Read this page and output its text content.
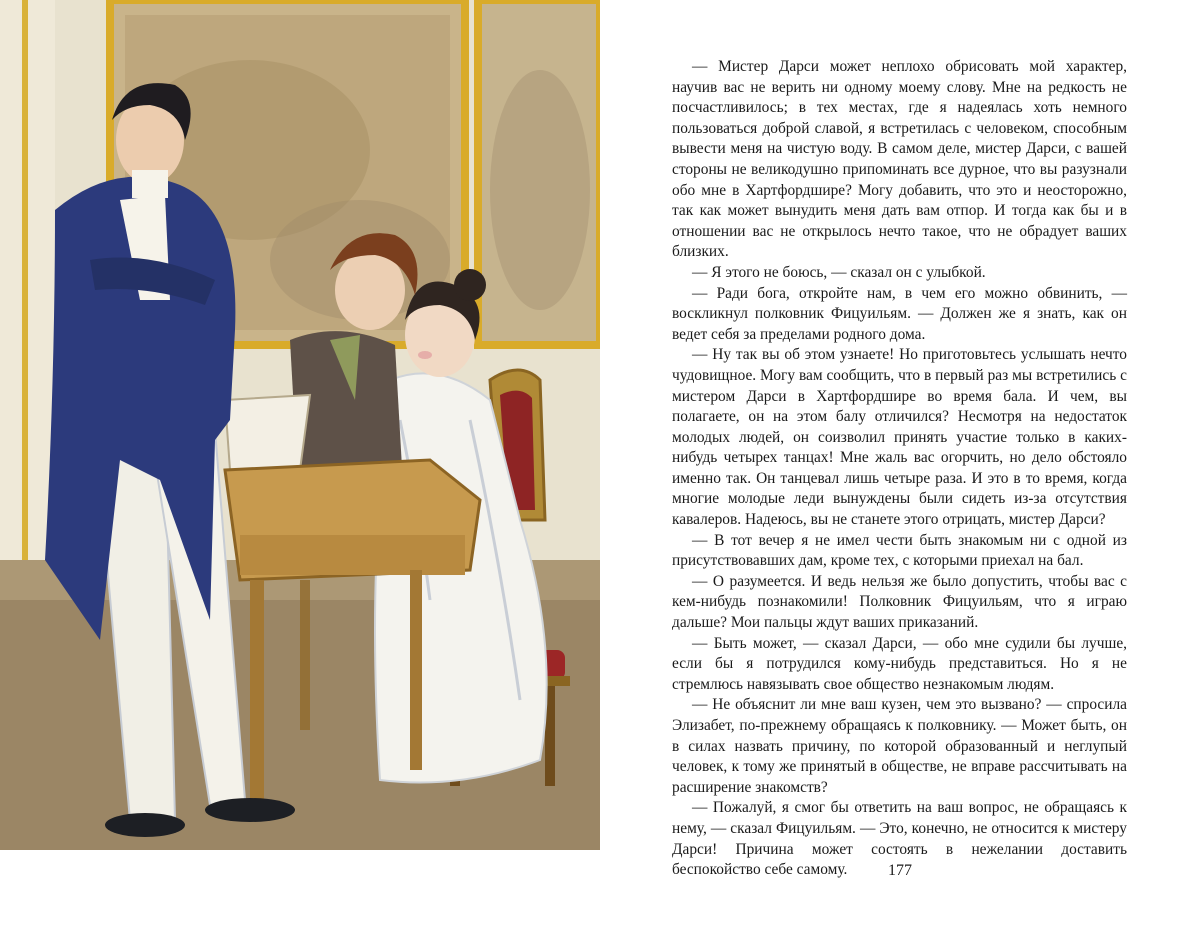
— Мистер Дарси может неплохо обрисовать мой характер, научив вас не верить ни одному моему слову. Мне на редкость не посчастливилось; в тех местах, где я надеялась хоть немного пользоваться доброй славой, я встретилась с человеком, способным вывести меня на чистую воду. В самом деле, мистер Дарси, с вашей стороны не великодушно припоминать все дурное, что вы разузнали обо мне в Хартфордшире? Могу добавить, что это и неосторожно, так как может вынудить меня дать вам отпор. И тогда как бы и в отношении вас не открылось нечто такое, что не обрадует ваших близких.

— Я этого не боюсь, — сказал он с улыбкой.

— Ради бога, откройте нам, в чем его можно обвинить, — воскликнул полковник Фицуильям. — Должен же я знать, как он ведет себя за пределами родного дома.

— Ну так вы об этом узнаете! Но приготовьтесь услышать нечто чудовищное. Могу вам сообщить, что в первый раз мы встретились с мистером Дарси в Хартфордшире во время бала. И чем, вы полагаете, он на этом балу отличился? Несмотря на недостаток молодых людей, он соизволил принять участие только в каких-нибудь четырех танцах! Мне жаль вас огорчить, но дело обстояло именно так. Он танцевал лишь четыре раза. И это в то время, когда многие молодые леди вынуждены были сидеть из-за отсутствия кавалеров. Надеюсь, вы не станете этого отрицать, мистер Дарси?

— В тот вечер я не имел чести быть знакомым ни с одной из присутствовавших дам, кроме тех, с которыми приехал на бал.

— О разумеется. И ведь нельзя же было допустить, чтобы вас с кем-нибудь познакомили! Полковник Фицуильям, что я играю дальше? Мои пальцы ждут ваших приказаний.

— Быть может, — сказал Дарси, — обо мне судили бы лучше, если бы я потрудился кому-нибудь представиться. Но я не стремлюсь навязывать свое общество незнакомым людям.

— Не объяснит ли мне ваш кузен, чем это вызвано? — спросила Элизабет, по-прежнему обращаясь к полковнику. — Может быть, он в силах назвать причину, по которой образованный и неглупый человек, к тому же принятый в обществе, не вправе рассчитывать на расширение знакомств?

— Пожалуй, я смог бы ответить на ваш вопрос, не обращаясь к нему, — сказал Фицуильям. — Это, конечно, не относится к мистеру Дарси! Причина может состоять в нежелании доставить беспокойство себе самому.	177
